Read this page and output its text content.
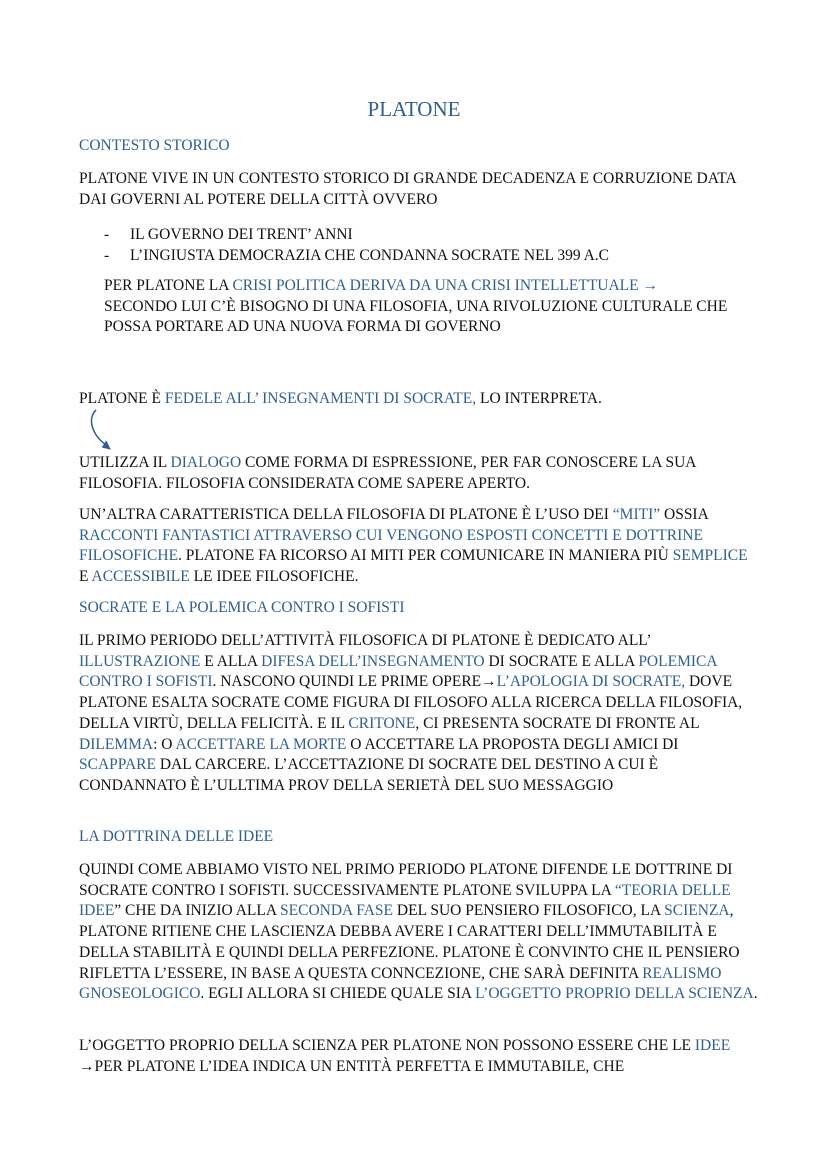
PLATONE
CONTESTO STORICO

PLATONE VIVE IN UN CONTESTO STORICO DI GRANDE DECADENZA E CORRUZIONE DATA DAI GOVERNI AL POTERE DELLA CITTÀ OVVERO

- IL GOVERNO DEI TRENT’ ANNI
- L’INGIUSTA DEMOCRAZIA CHE CONDANNA SOCRATE NEL 399 A.C

PER PLATONE LA CRISI POLITICA DERIVA DA UNA CRISI INTELLETTUALE →
SECONDO LUI C’È BISOGNO DI UNA FILOSOFIA, UNA RIVOLUZIONE CULTURALE CHE POSSA PORTARE AD UNA NUOVA FORMA DI GOVERNO

PLATONE È FEDELE ALL’ INSEGNAMENTI DI SOCRATE, LO INTERPRETA.

UTILIZZA IL DIALOGO COME FORMA DI ESPRESSIONE, PER FAR CONOSCERE LA SUA FILOSOFIA. FILOSOFIA CONSIDERATA COME SAPERE APERTO.

UN’ALTRA CARATTERISTICA DELLA FILOSOFIA DI PLATONE È L’USO DEI “MITI” OSSIA RACCONTI FANTASTICI ATTRAVERSO CUI VENGONO ESPOSTI CONCETTI E DOTTRINE FILOSOFICHE. PLATONE FA RICORSO AI MITI PER COMUNICARE IN MANIERA PIÙ SEMPLICE E ACCESSIBILE LE IDEE FILOSOFICHE.

SOCRATE E LA POLEMICA CONTRO I SOFISTI

IL PRIMO PERIODO DELL’ATTIVITÀ FILOSOFICA DI PLATONE È DEDICATO ALL’ ILLUSTRAZIONE E ALLA DIFESA DELL’INSEGNAMENTO DI SOCRATE E ALLA POLEMICA CONTRO I SOFISTI. NASCONO QUINDI LE PRIME OPERE→L’APOLOGIA DI SOCRATE, DOVE PLATONE ESALTA SOCRATE COME FIGURA DI FILOSOFO ALLA RICERCA DELLA FILOSOFIA, DELLA VIRTÙ, DELLA FELICITÀ. E IL CRITONE, CI PRESENTA SOCRATE DI FRONTE AL DILEMMA: O ACCETTARE LA MORTE O ACCETTARE LA PROPOSTA DEGLI AMICI DI SCAPPARE DAL CARCERE. L’ACCETTAZIONE DI SOCRATE DEL DESTINO A CUI È CONDANNATO È L’ULLTIMA PROV DELLA SERIETÀ DEL SUO MESSAGGIO

LA DOTTRINA DELLE IDEE

QUINDI COME ABBIAMO VISTO NEL PRIMO PERIODO PLATONE DIFENDE LE DOTTRINE DI SOCRATE CONTRO I SOFISTI. SUCCESSIVAMENTE PLATONE SVILUPPA LA “TEORIA DELLE IDEE” CHE DA INIZIO ALLA SECONDA FASE DEL SUO PENSIERO FILOSOFICO, LA SCIENZA, PLATONE RITIENE CHE LASCIENZA DEBBA AVERE I CARATTERI DELL’IMMUTABILITÀ E DELLA STABILITÀ E QUINDI DELLA PERFEZIONE. PLATONE È CONVINTO CHE IL PENSIERO RIFLETTA L’ESSERE, IN BASE A QUESTA CONNCEZIONE, CHE SARÀ DEFINITA REALISMO GNOSEOLOGICO. EGLI ALLORA SI CHIEDE QUALE SIA L’OGGETTO PROPRIO DELLA SCIENZA.

L’OGGETTO PROPRIO DELLA SCIENZA PER PLATONE NON POSSONO ESSERE CHE LE IDEE →PER PLATONE L’IDEA INDICA UN ENTITÀ PERFETTA E IMMUTABILE, CHE
